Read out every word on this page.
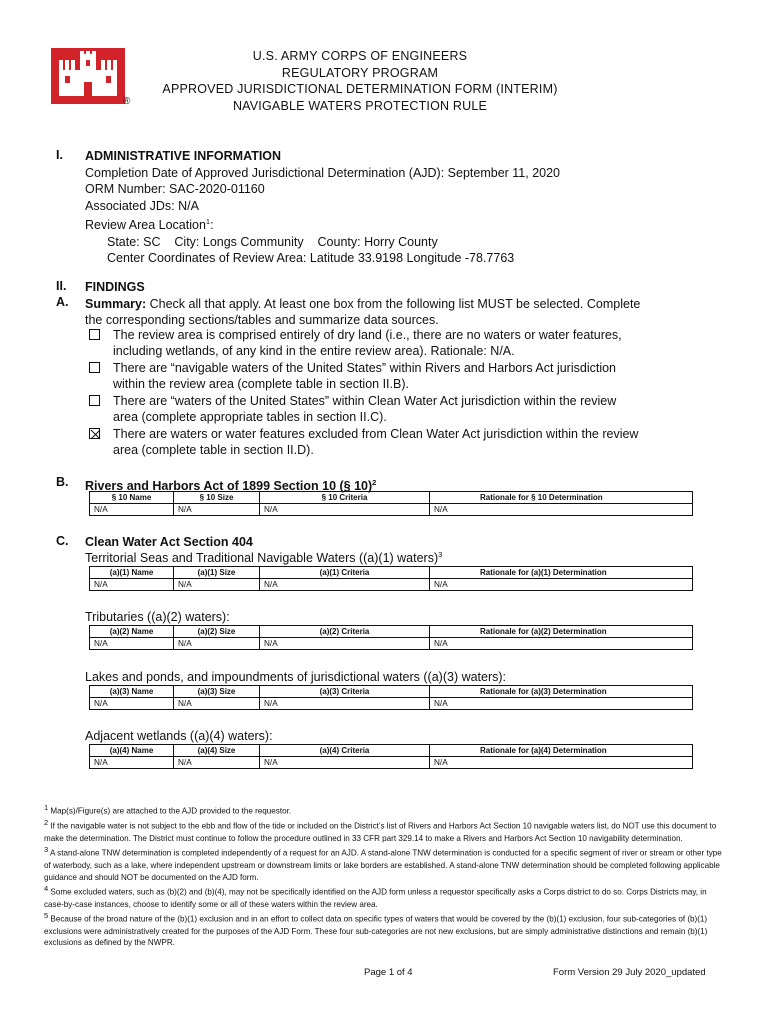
®
U.S. ARMY CORPS OF ENGINEERS
REGULATORY PROGRAM
APPROVED JURISDICTIONAL DETERMINATION FORM (INTERIM)
NAVIGABLE WATERS PROTECTION RULE
I. ADMINISTRATIVE INFORMATION
Completion Date of Approved Jurisdictional Determination (AJD): September 11, 2020
ORM Number: SAC-2020-01160
Associated JDs: N/A
Review Area Location$^1$:
State: SC City: Longs Community County: Horry County
Center Coordinates of Review Area: Latitude 33.9198 Longitude -78.7763
II.
A.
FINDINGS
Summary: Check all that apply. At least one box from the following list MUST be selected. Complete
the corresponding sections/tables and summarize data sources.
The review area is comprised entirely of dry land (i.e., there are no waters or water features,
including wetlands, of any kind in the entire review area). Rationale: N/A.
There are “navigable waters of the United States” within Rivers and Harbors Act jurisdiction
within the review area (complete table in section II.B).
There are “waters of the United States” within Clean Water Act jurisdiction within the review
area (complete appropriate tables in section II.C).
There are waters or water features excluded from Clean Water Act jurisdiction within the review
area (complete table in section II.D).
B. Rivers and Harbors Act of 1899 Section 10 (§ 10)$^2$
§ 10 Name	§ 10 Size	§ 10 Criteria	Rationale for § 10 Determination
N/A	N/A	N/A	N/A
C. Clean Water Act Section 404
Territorial Seas and Traditional Navigable Waters ((a)(1) waters)$^3$
(a)(1) Name	(a)(1) Size	(a)(1) Criteria	Rationale for (a)(1) Determination
N/A	N/A	N/A	N/A
Tributaries ((a)(2) waters):
(a)(2) Name	(a)(2) Size	(a)(2) Criteria	Rationale for (a)(2) Determination
N/A	N/A	N/A	N/A
Lakes and ponds, and impoundments of jurisdictional waters ((a)(3) waters):
(a)(3) Name	(a)(3) Size	(a)(3) Criteria	Rationale for (a)(3) Determination
N/A	N/A	N/A	N/A
Adjacent wetlands ((a)(4) waters):
(a)(4) Name	(a)(4) Size	(a)(4) Criteria	Rationale for (a)(4) Determination
N/A	N/A	N/A	N/A

$^1$ Map(s)/Figure(s) are attached to the AJD provided to the requestor.

$^2$ If the navigable water is not subject to the ebb and flow of the tide or included on the District’s list of Rivers and Harbors Act Section 10 navigable waters list, do NOT use this document to make the determination. The District must continue to follow the procedure outlined in 33 CFR part 329.14 to make a Rivers and Harbors Act Section 10 navigability determination.

$^3$ A stand-alone TNW determination is completed independently of a request for an AJD. A stand-alone TNW determination is conducted for a specific segment of river or stream or other type of waterbody, such as a lake, where independent upstream or downstream limits or lake borders are established. A stand-alone TNW determination should be completed following applicable guidance and should NOT be documented on the AJD form.

$^4$ Some excluded waters, such as (b)(2) and (b)(4), may not be specifically identified on the AJD form unless a requestor specifically asks a Corps district to do so. Corps Districts may, in case-by-case instances, choose to identify some or all of these waters within the review area.

$^5$ Because of the broad nature of the (b)(1) exclusion and in an effort to collect data on specific types of waters that would be covered by the (b)(1) exclusion, four sub-categories of (b)(1) exclusions were administratively created for the purposes of the AJD Form. These four sub-categories are not new exclusions, but are simply administrative distinctions and remain (b)(1) exclusions as defined by the NWPR.

Page 1 of 4	Form Version 29 July 2020_updated
